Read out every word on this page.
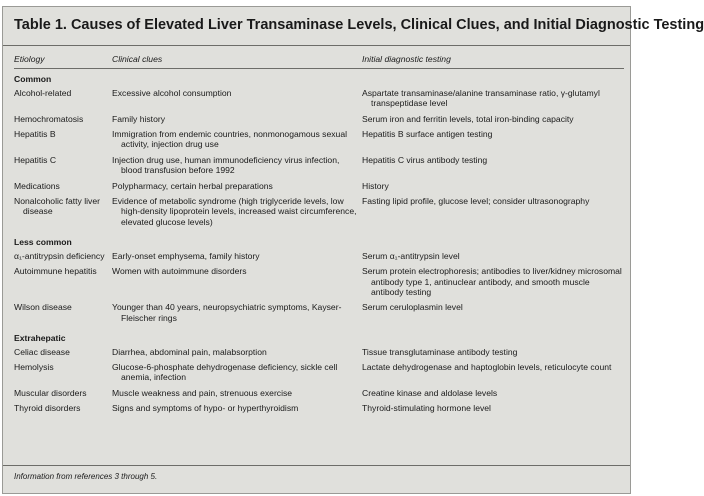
Table 1. Causes of Elevated Liver Transaminase Levels, Clinical Clues, and Initial Diagnostic Testing
Etiology	Clinical clues	Initial diagnostic testing
Common		

Alcohol-related	Excessive alcohol consumption	Aspartate transaminase/alanine transaminase ratio, γ-glutamyl transpeptidase level

Hemochromatosis	Family history	Serum iron and ferritin levels, total iron-binding capacity

Hepatitis B	Immigration from endemic countries, nonmonogamous sexual activity, injection drug use	Hepatitis B surface antigen testing

Hepatitis C	Injection drug use, human immunodeficiency virus infection, blood transfusion before 1992	Hepatitis C virus antibody testing

Medications	Polypharmacy, certain herbal preparations	History

Nonalcoholic fatty liver disease	Evidence of metabolic syndrome (high triglyceride levels, low high-density lipoprotein levels, increased waist circumference, elevated glucose levels)	Fasting lipid profile, glucose level; consider ultrasonography

Less common		

α₁-antitrypsin deficiency	Early-onset emphysema, family history	Serum α₁-antitrypsin level

Autoimmune hepatitis	Women with autoimmune disorders	Serum protein electrophoresis; antibodies to liver/kidney microsomal antibody type 1, antinuclear antibody, and smooth muscle antibody testing

Wilson disease	Younger than 40 years, neuropsychiatric symptoms, Kayser-Fleischer rings	Serum ceruloplasmin level

Extrahepatic		

Celiac disease	Diarrhea, abdominal pain, malabsorption	Tissue transglutaminase antibody testing

Hemolysis	Glucose-6-phosphate dehydrogenase deficiency, sickle cell anemia, infection	Lactate dehydrogenase and haptoglobin levels, reticulocyte count

Muscular disorders	Muscle weakness and pain, strenuous exercise	Creatine kinase and aldolase levels

Thyroid disorders	Signs and symptoms of hypo- or hyperthyroidism	Thyroid-stimulating hormone level

Information from references 3 through 5.
